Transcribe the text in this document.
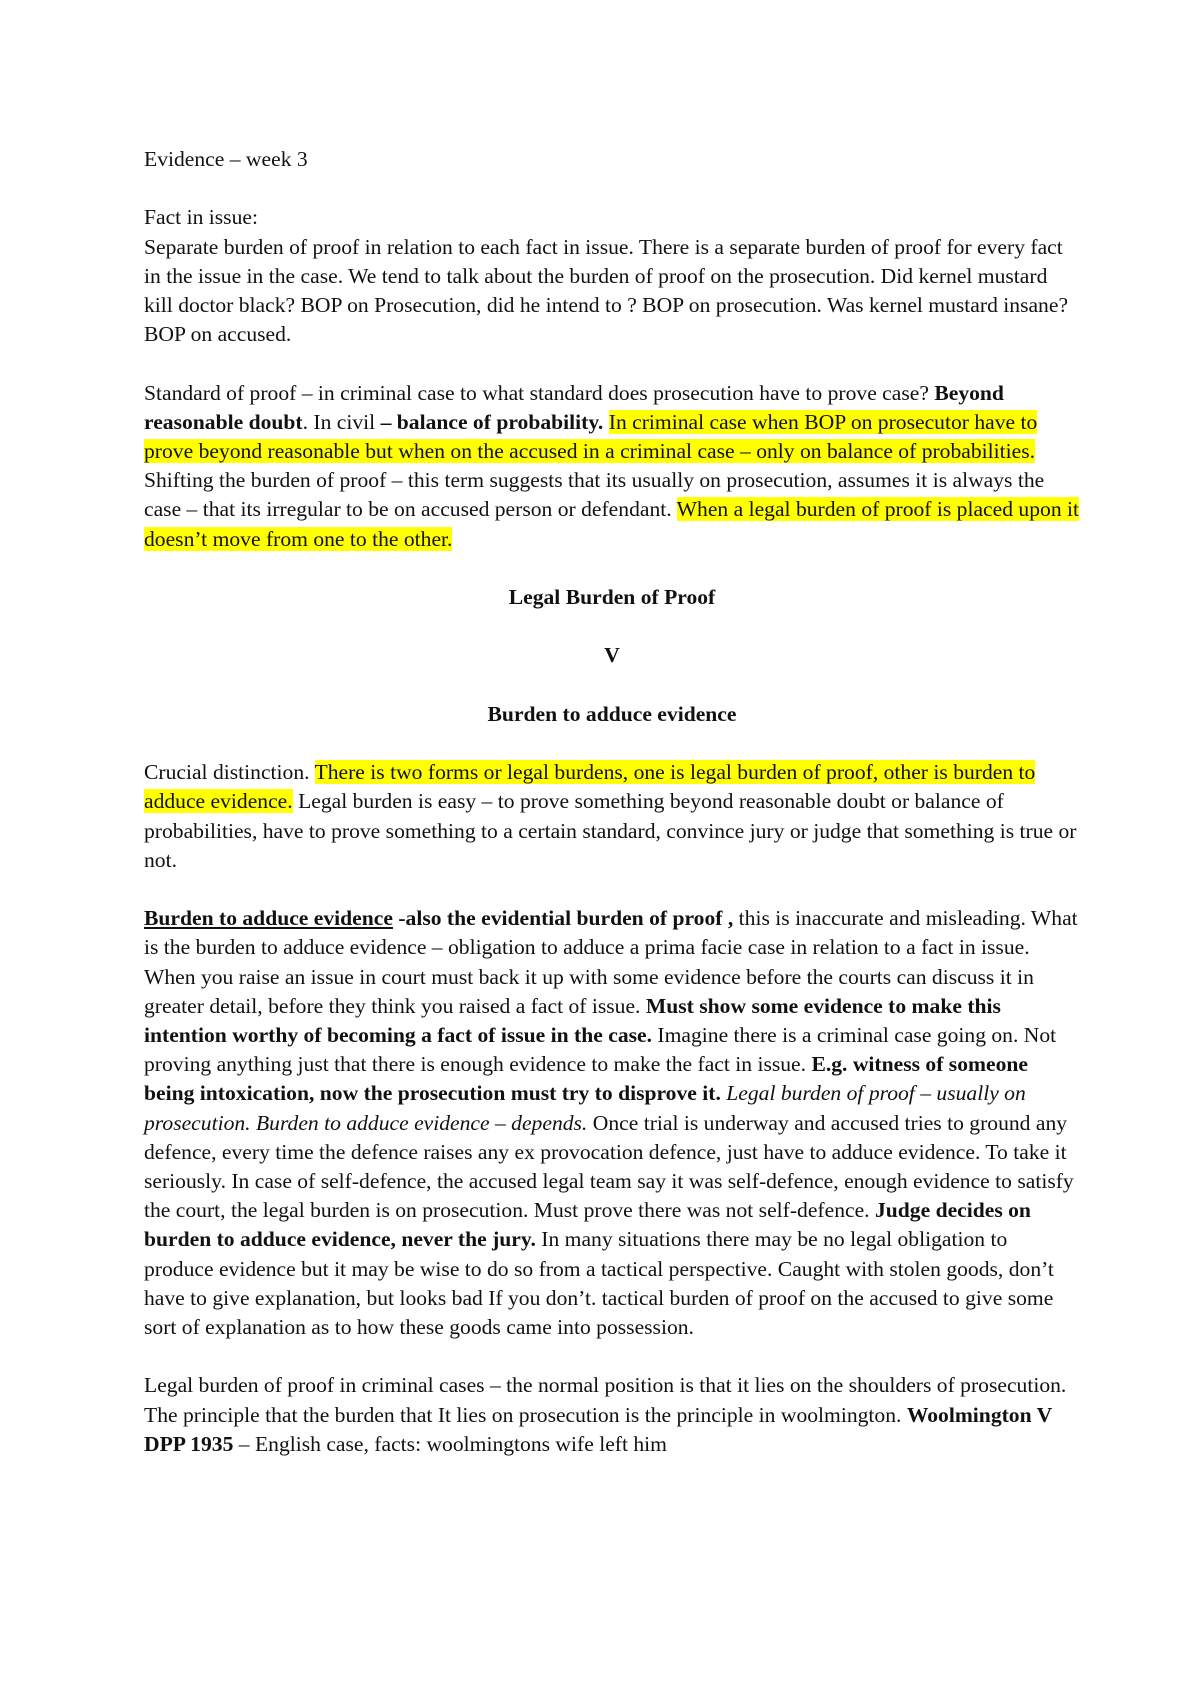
Evidence – week 3

Fact in issue:

Separate burden of proof in relation to each fact in issue. There is a separate burden of proof for every fact in the issue in the case. We tend to talk about the burden of proof on the prosecution. Did kernel mustard kill doctor black? BOP on Prosecution, did he intend to ? BOP on prosecution. Was kernel mustard insane? BOP on accused.

Standard of proof – in criminal case to what standard does prosecution have to prove case? Beyond reasonable doubt. In civil – balance of probability. In criminal case when BOP on prosecutor have to prove beyond reasonable but when on the accused in a criminal case – only on balance of probabilities.

Shifting the burden of proof – this term suggests that its usually on prosecution, assumes it is always the case – that its irregular to be on accused person or defendant. When a legal burden of proof is placed upon it doesn’t move from one to the other.

Legal Burden of Proof

V

Burden to adduce evidence

Crucial distinction. There is two forms or legal burdens, one is legal burden of proof, other is burden to adduce evidence. Legal burden is easy – to prove something beyond reasonable doubt or balance of probabilities, have to prove something to a certain standard, convince jury or judge that something is true or not.

Burden to adduce evidence -also the evidential burden of proof , this is inaccurate and misleading. What is the burden to adduce evidence – obligation to adduce a prima facie case in relation to a fact in issue. When you raise an issue in court must back it up with some evidence before the courts can discuss it in greater detail, before they think you raised a fact of issue. Must show some evidence to make this intention worthy of becoming a fact of issue in the case. Imagine there is a criminal case going on. Not proving anything just that there is enough evidence to make the fact in issue. E.g. witness of someone being intoxication, now the prosecution must try to disprove it. Legal burden of proof – usually on prosecution. Burden to adduce evidence – depends. Once trial is underway and accused tries to ground any defence, every time the defence raises any ex provocation defence, just have to adduce evidence. To take it seriously. In case of self-defence, the accused legal team say it was self-defence, enough evidence to satisfy the court, the legal burden is on prosecution. Must prove there was not self-defence. Judge decides on burden to adduce evidence, never the jury. In many situations there may be no legal obligation to produce evidence but it may be wise to do so from a tactical perspective. Caught with stolen goods, don’t have to give explanation, but looks bad If you don’t. tactical burden of proof on the accused to give some sort of explanation as to how these goods came into possession.

Legal burden of proof in criminal cases – the normal position is that it lies on the shoulders of prosecution. The principle that the burden that It lies on prosecution is the principle in woolmington. Woolmington V DPP 1935 – English case, facts: woolmingtons wife left him
